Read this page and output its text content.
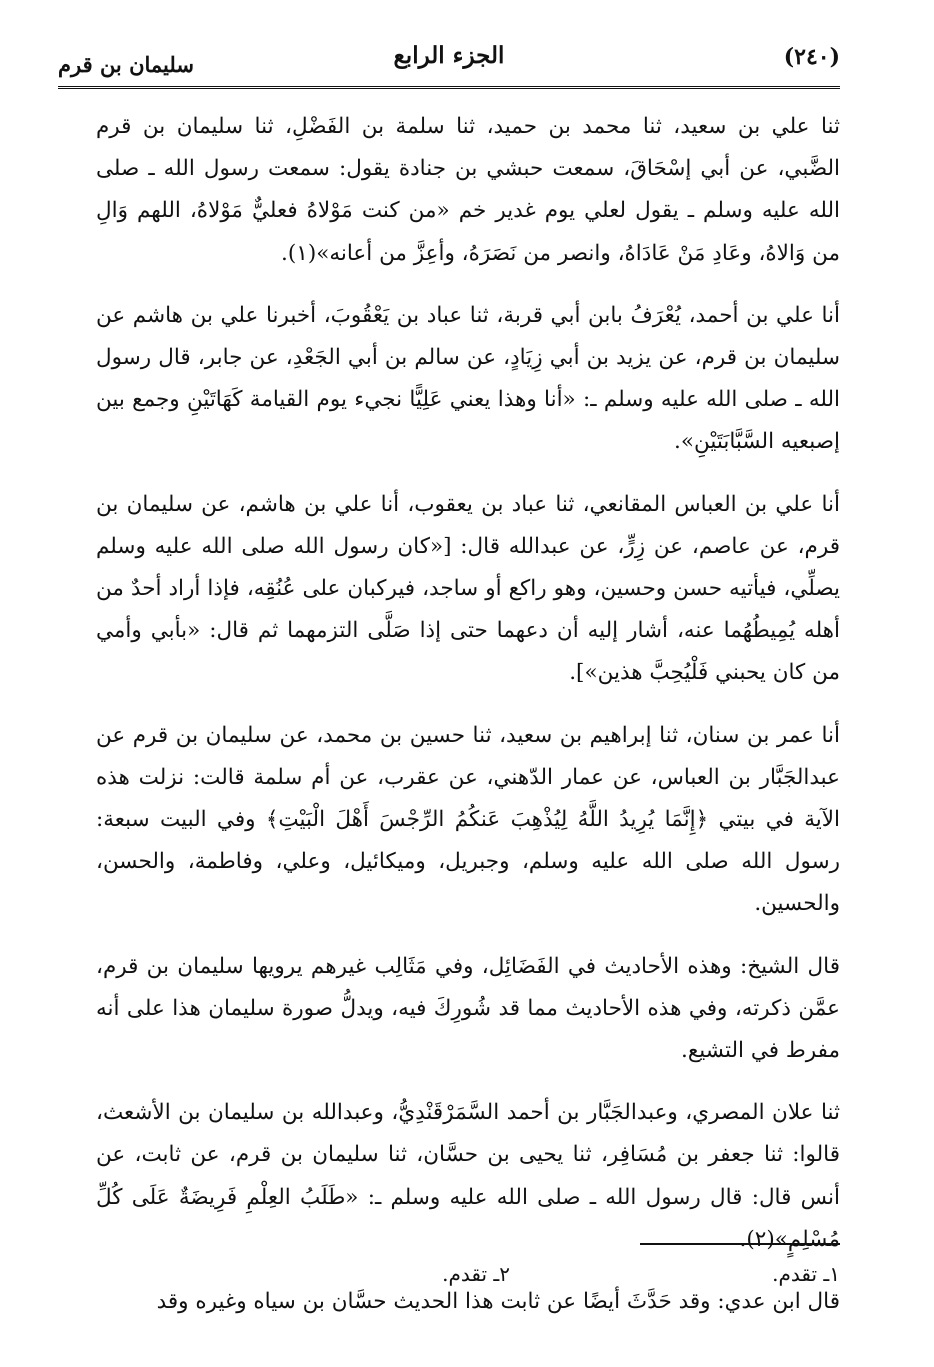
(٢٤٠)
الجزء الرابع
سليمان بن قرم

ثنا علي بن سعيد، ثنا محمد بن حميد، ثنا سلمة بن الفَضْلِ، ثنا سليمان بن قرم الضَّبي، عن أبي إسْحَاقَ، سمعت حبشي بن جنادة يقول: سمعت رسول الله ـ صلى الله عليه وسلم ـ يقول لعلي يوم غدير خم «من كنت مَوْلاهُ فعليٌّ مَوْلاهُ، اللهم وَالِ من وَالاهُ، وعَادِ مَنْ عَادَاهُ، وانصر من نَصَرَهُ، وأعِزَّ من أعانه»(١).

أنا علي بن أحمد، يُعْرَفُ بابن أبي قربة، ثنا عباد بن يَعْقُوبَ، أخبرنا علي بن هاشم عن سليمان بن قرم، عن يزيد بن أبي زِيَادٍ، عن سالم بن أبي الجَعْدِ، عن جابر، قال رسول الله ـ صلى الله عليه وسلم ـ: «أنا وهذا يعني عَلِيًّا نجيء يوم القيامة كَهَاتَيْنِ وجمع بين إصبعيه السَّبَّابَتَيْنِ».

أنا علي بن العباس المقانعي، ثنا عباد بن يعقوب، أنا علي بن هاشم، عن سليمان بن قرم، عن عاصم، عن زِرٍّ، عن عبدالله قال: [«كان رسول الله صلى الله عليه وسلم يصلِّي، فيأتيه حسن وحسين، وهو راكع أو ساجد، فيركبان على عُنُقِه، فإذا أراد أحدٌ من أهله يُمِيطُهُما عنه، أشار إليه أن دعهما حتى إذا صَلَّى التزمهما ثم قال: «بأبي وأمي من كان يحبني فَلْيُحِبَّ هذين»].

أنا عمر بن سنان، ثنا إبراهيم بن سعيد، ثنا حسين بن محمد، عن سليمان بن قرم عن عبدالجَبَّار بن العباس، عن عمار الدّهني، عن عقرب، عن أم سلمة قالت: نزلت هذه الآية في بيتي ﴿إِنَّمَا يُرِيدُ اللَّهُ لِيُذْهِبَ عَنكُمُ الرِّجْسَ أَهْلَ الْبَيْتِ﴾ وفي البيت سبعة: رسول الله صلى الله عليه وسلم، وجبريل، وميكائيل، وعلي، وفاطمة، والحسن، والحسين.

قال الشيخ: وهذه الأحاديث في الفَضَائِل، وفي مَثَالِب غيرهم يرويها سليمان بن قرم، عمَّن ذكرته، وفي هذه الأحاديث مما قد شُورِكَ فيه، ويدلُّ صورة سليمان هذا على أنه مفرط في التشيع.

ثنا علان المصري، وعبدالجَبَّار بن أحمد السَّمَرْقَنْدِيُّ، وعبدالله بن سليمان بن الأشعث، قالوا: ثنا جعفر بن مُسَافِر، ثنا يحيى بن حسَّان، ثنا سليمان بن قرم، عن ثابت، عن أنس قال: قال رسول الله ـ صلى الله عليه وسلم ـ: «طَلَبُ العِلْمِ فَرِيضَةٌ عَلَى كُلِّ مُسْلِمٍ»(٢).

قال ابن عدي: وقد حَدَّثَ أيضًا عن ثابت هذا الحديث حسَّان بن سياه وغيره وقد

١ـ تقدم.
٢ـ تقدم.
